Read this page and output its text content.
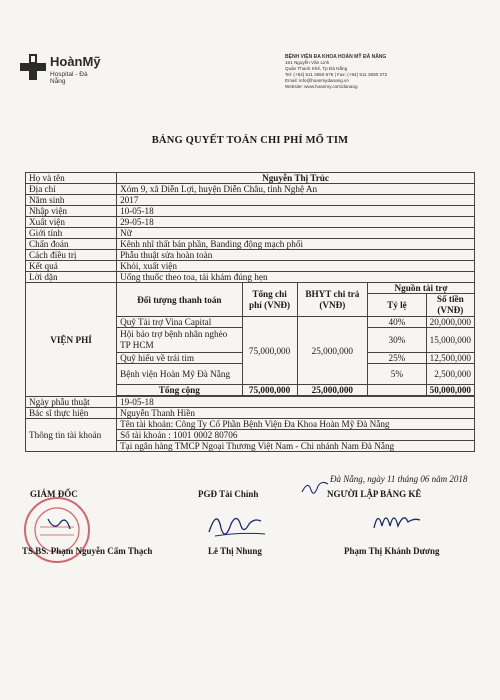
HoànMỹ
Hospital - Đà Nẵng
BỆNH VIỆN ĐA KHOA HOÀN MỸ ĐÀ NẴNG
161 Nguyễn Văn Linh
Quận Thanh Khê, Tp Đà Nẵng
Tel: (+84) 511 3650 676 | Fax: (+84) 511 3650 272
Email: info@hoanmydanang.vn
Website: www.hoanmy.com/danang
BẢNG QUYẾT TOÁN CHI PHÍ MỔ TIM
Họ và tên	Nguyễn Thị Trúc				
Địa chỉ	Xóm 9, xã Diễn Lợi, huyện Diễn Châu, tỉnh Nghệ An				
Năm sinh	2017				
Nhập viện	10-05-18				
Xuất viện	29-05-18				
Giới tính	Nữ				
Chẩn đoán	Kênh nhĩ thất bán phần, Banding động mạch phổi				
Cách điều trị	Phẫu thuật sửa hoàn toàn				
Kết quả	Khỏi, xuất viện				
Lời dặn	Uống thuốc theo toa, tái khám đúng hẹn				
VIỆN PHÍ	Đối tượng thanh toán	Tổng chi phí (VNĐ)	BHYT chi trả (VNĐ)	Nguồn tài trợ	
				Tỷ lệ	Số tiền (VNĐ)
	Quỹ Tài trợ Vina Capital	75,000,000	25,000,000	40%	20,000,000
	Hội bảo trợ bệnh nhân nghèo TP HCM			30%	15,000,000
	Quỹ hiếu về trái tim			25%	12,500,000
	Bệnh viện Hoàn Mỹ Đà Nẵng			5%	2,500,000
	Tổng cộng	75,000,000	25,000,000		50,000,000

Ngày phẫu thuật	19-05-18				
Bác sĩ thực hiện	Nguyễn Thanh Hiền				
Thông tin tài khoản	Tên tài khoản: Công Ty Cổ Phần Bệnh Viện Đa Khoa Hoàn Mỹ Đà Nẵng				
	Số tài khoản : 1001 0002 80706				
	Tại ngân hàng TMCP Ngoại Thương Việt Nam - Chi nhánh Nam Đà Nẵng				
Đà Nẵng, ngày 11 tháng 06 năm 2018
GIÁM ĐỐC	PGĐ Tài Chính	NGƯỜI LẬP BẢNG KÊ
TS.BS. Phạm Nguyễn Cẩm Thạch	Lê Thị Nhung	Phạm Thị Khánh Dương
